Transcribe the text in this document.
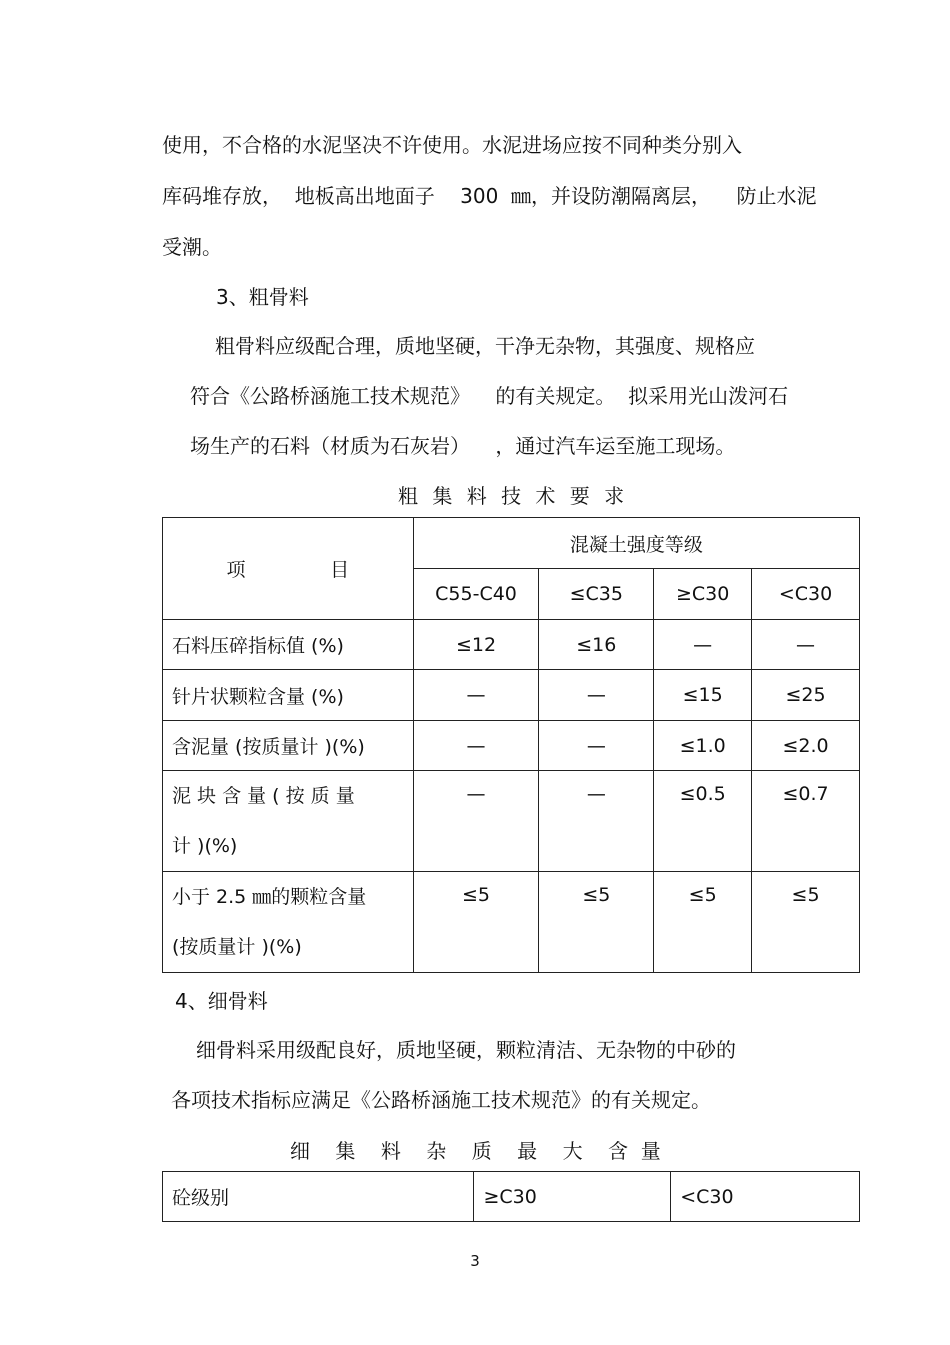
使用，不合格的水泥坚决不许使用。水泥进场应按不同种类分别入
库码堆存放，  地板高出地面子    300  ㎜，并设防潮隔离层，    防止水泥
受潮。
3、粗骨料
粗骨料应级配合理，质地坚硬，干净无杂物，其强度、规格应
符合《公路桥涵施工技术规范》    的有关规定。  拟采用光山泼河石
场生产的石料（材质为石灰岩）    ，通过汽车运至施工现场。
粗 集 料 技 术 要 求
项              目	混凝土强度等级			
	C55-C40	≤C35	≥C30	<C30
石料压碎指标值 (%)	≤12	≤16	—	—
针片状颗粒含量 (%)	—	—	≤15	≤25
含泥量 (按质量计 )(%)	—	—	≤1.0	≤2.0

泥 块 含 量 ( 按 质 量
计 )(%)	—	—	≤0.5	≤0.7

小于 2.5 ㎜的颗粒含量
(按质量计 )(%)	≤5	≤5	≤5	≤5
4、细骨料
细骨料采用级配良好，质地坚硬，颗粒清洁、无杂物的中砂的
各项技术指标应满足《公路桥涵施工技术规范》的有关规定。
细    集    料    杂    质    最    大    含  量
砼级别	≥C30	<C30
3
